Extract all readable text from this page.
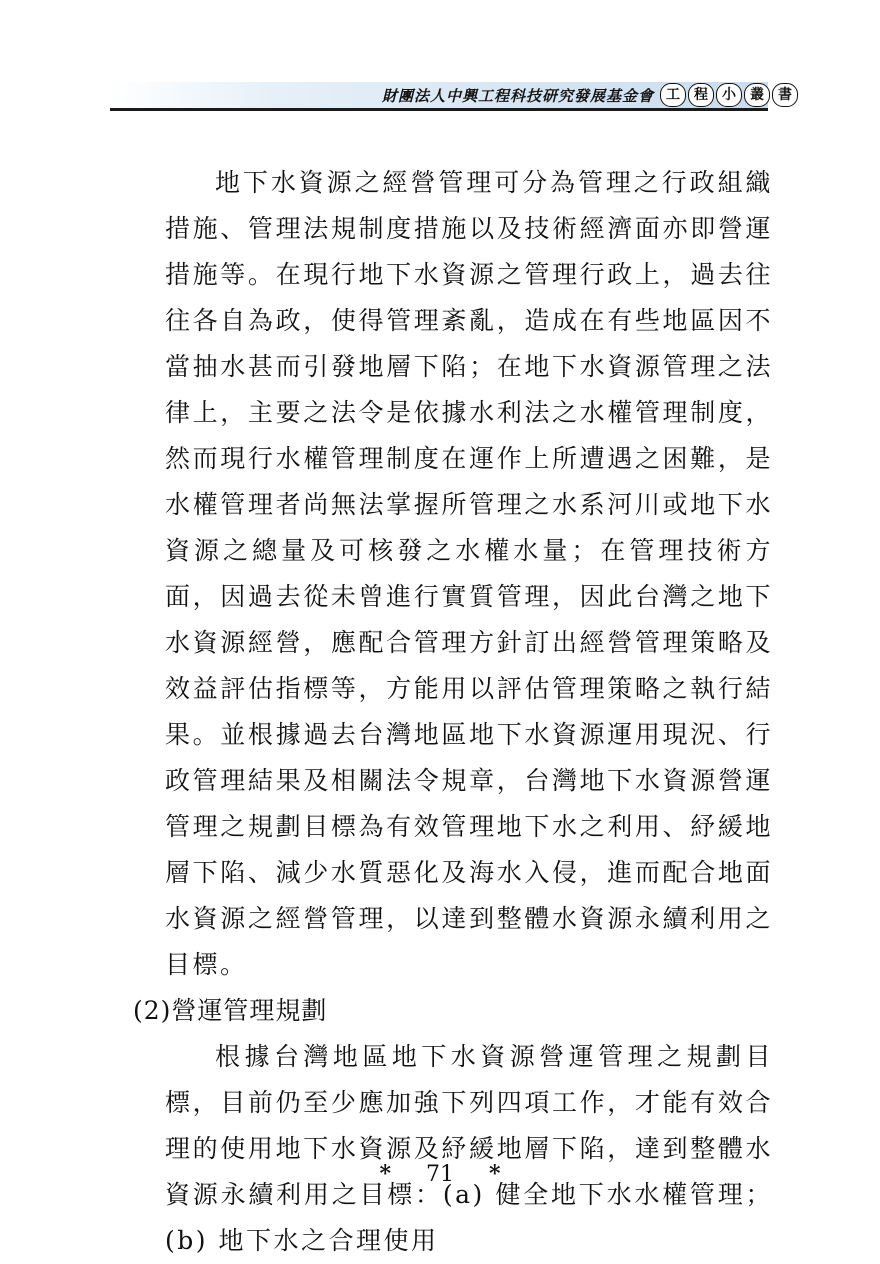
財團法人中興工程科技研究發展基金會 工	程	小	叢	書

地下水資源之經營管理可分為管理之行政組織措施、管理法規制度措施以及技術經濟面亦即營運措施等。在現行地下水資源之管理行政上，過去往往各自為政，使得管理紊亂，造成在有些地區因不當抽水甚而引發地層下陷；在地下水資源管理之法律上，主要之法令是依據水利法之水權管理制度，然而現行水權管理制度在運作上所遭遇之困難，是水權管理者尚無法掌握所管理之水系河川或地下水資源之總量及可核發之水權水量；在管理技術方面，因過去從未曾進行實質管理，因此台灣之地下水資源經營，應配合管理方針訂出經營管理策略及效益評估指標等，方能用以評估管理策略之執行結果。並根據過去台灣地區地下水資源運用現況、行政管理結果及相關法令規章，台灣地下水資源營運管理之規劃目標為有效管理地下水之利用、紓緩地層下陷、減少水質惡化及海水入侵，進而配合地面水資源之經營管理，以達到整體水資源永續利用之目標。

(2)營運管理規劃

根據台灣地區地下水資源營運管理之規劃目標，目前仍至少應加強下列四項工作，才能有效合理的使用地下水資源及紓緩地層下陷，達到整體水資源永續利用之目標：(a) 健全地下水水權管理；(b) 地下水之合理使用

* 71 *
